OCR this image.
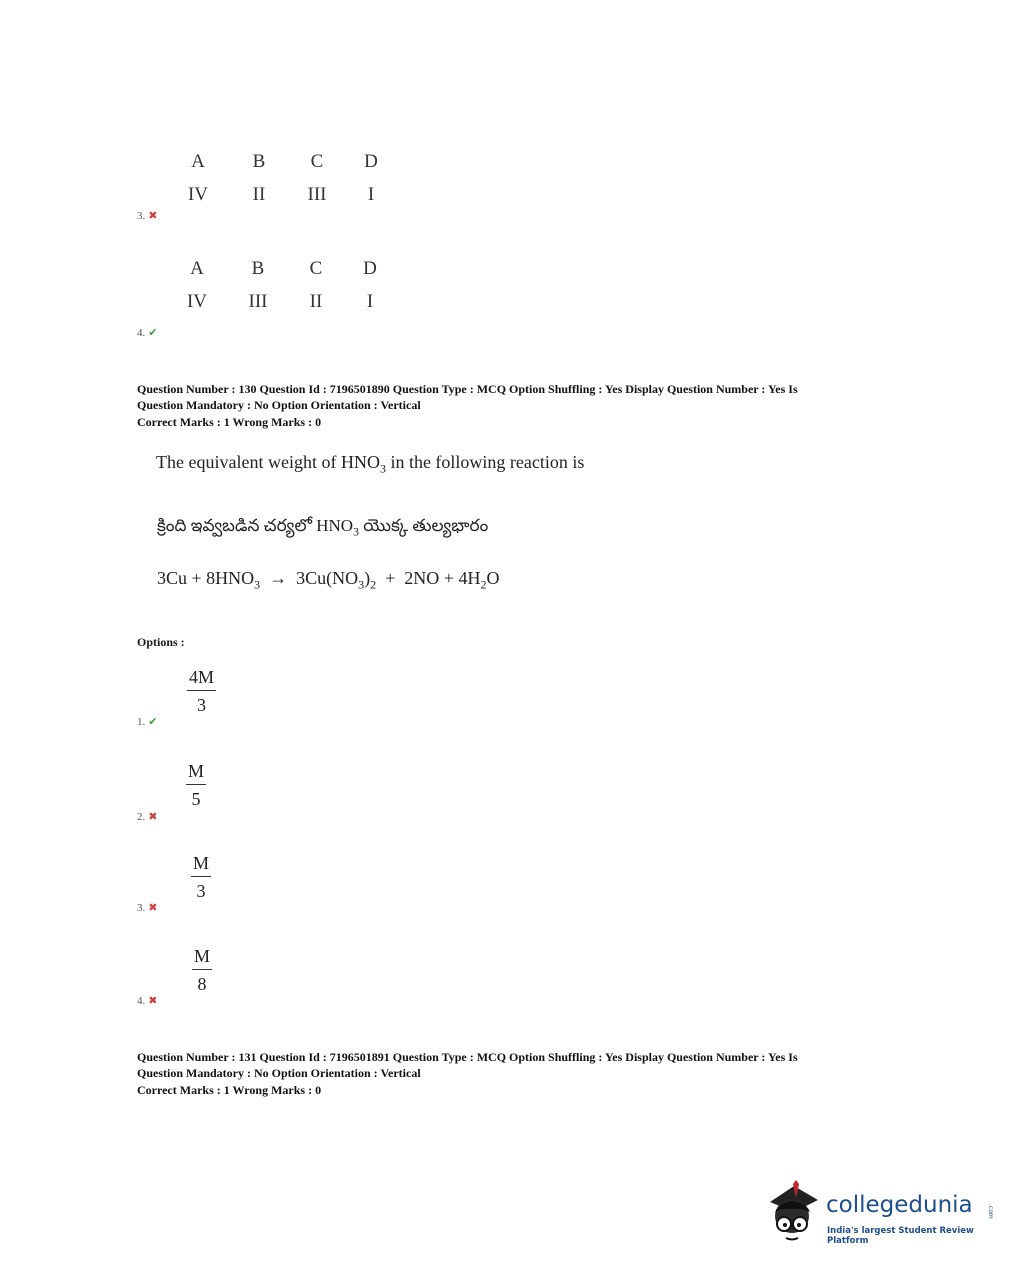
A	B	C	D
IV	II	III	I
3. ✖
A	B	C	D
IV	III	II	I
4. ✔
Question Number : 130 Question Id : 7196501890 Question Type : MCQ Option Shuffling : Yes Display Question Number : Yes Is
Question Mandatory : No Option Orientation : Vertical
Correct Marks : 1 Wrong Marks : 0
The equivalent weight of $HNO_3$ in the following reaction is
క్రింది ఇవ్వబడిన చర్యలో $HNO_3$ యొక్క తుల్యభారం
$3Cu + 8HNO_3 \to 3Cu(NO_3)_2 + 2NO + 4H_2O$
Options :
$\frac{4M}{3}$
1. ✔
$\frac{M}{5}$
2. ✖
$\frac{M}{3}$
3. ✖
$\frac{M}{8}$
4. ✖
Question Number : 131 Question Id : 7196501891 Question Type : MCQ Option Shuffling : Yes Display Question Number : Yes Is
Question Mandatory : No Option Orientation : Vertical
Correct Marks : 1 Wrong Marks : 0
collegedunia .com
India's largest Student Review Platform
